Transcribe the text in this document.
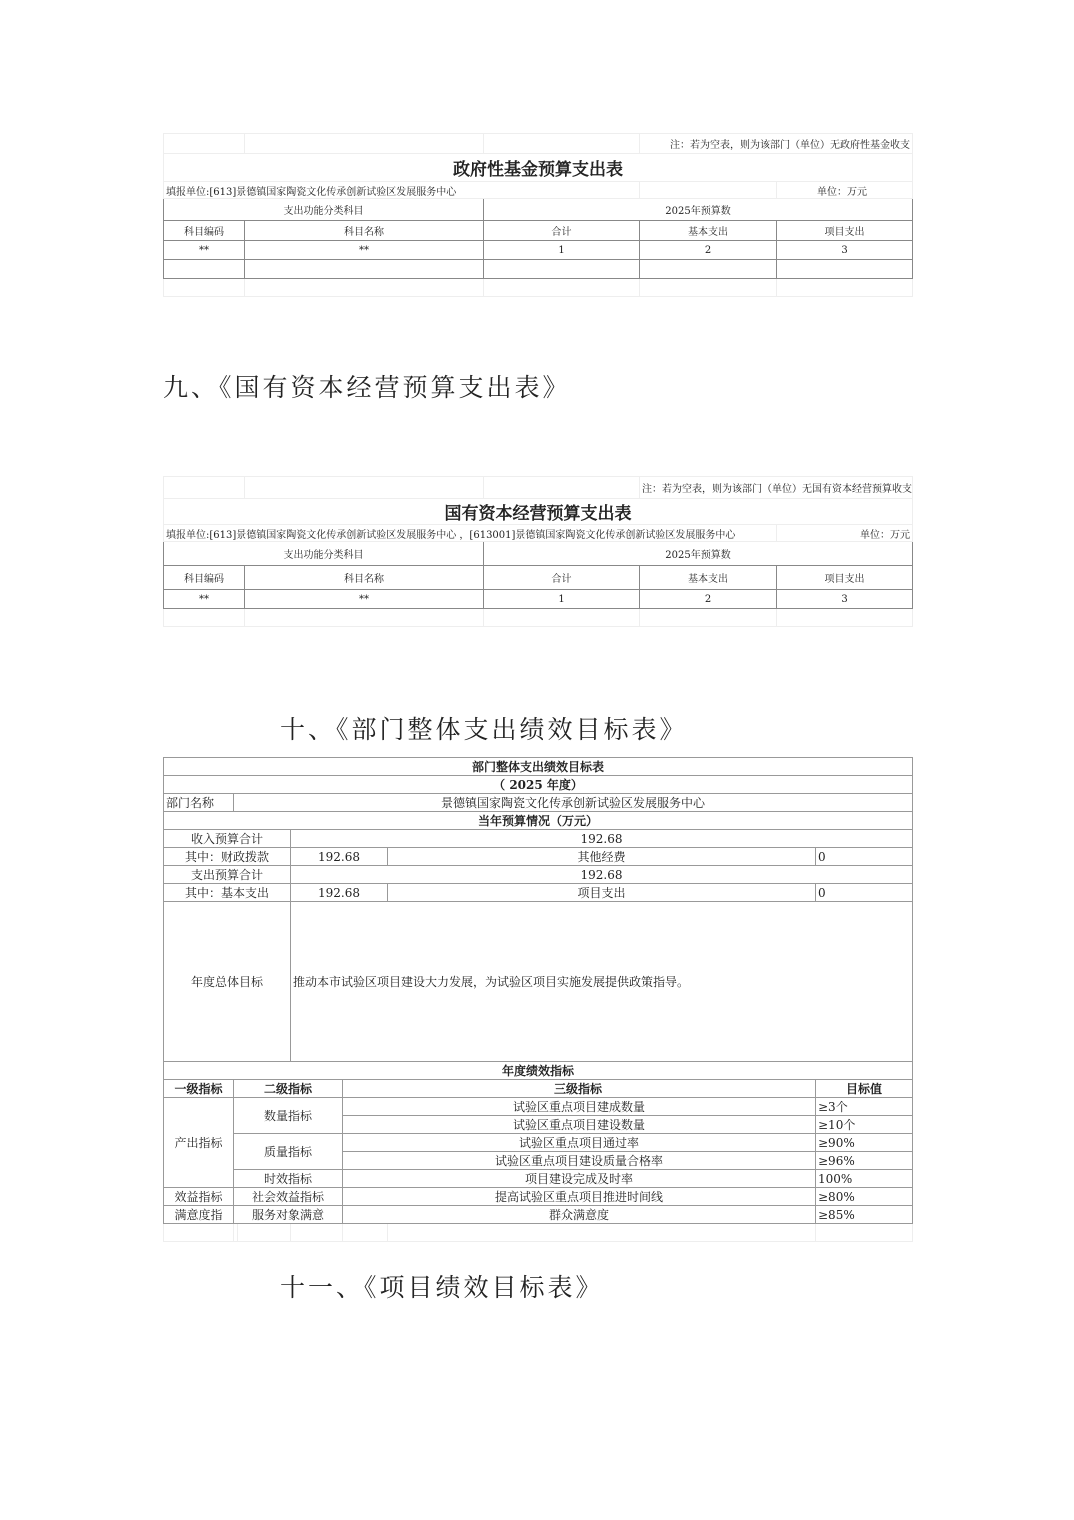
			注：若为空表，则为该部门（单位）无政府性基金收支	
政府性基金预算支出表				
填报单位:[613]景德镇国家陶瓷文化传承创新试验区发展服务中心				单位：万元
支出功能分类科目		2025年预算数		
科目编码	科目名称	合计	基本支出	项目支出
**	**	1	2	3

九、《国有资本经营预算支出表》
			注：若为空表，则为该部门（单位）无国有资本经营预算收支	
国有资本经营预算支出表				
填报单位:[613]景德镇国家陶瓷文化传承创新试验区发展服务中心 ，[613001]景德镇国家陶瓷文化传承创新试验区发展服务中心				单位：万元
支出功能分类科目		2025年预算数		
科目编码	科目名称	合计	基本支出	项目支出
**	**	1	2	3

十、《部门整体支出绩效目标表》
部门整体支出绩效目标表						
（ 2025 年度）						
部门名称	景德镇国家陶瓷文化传承创新试验区发展服务中心					
当年预算情况（万元）						
收入预算合计			192.68			
其中：财政拨款			192.68		其他经费	0
支出预算合计			192.68			
其中：基本支出			192.68		项目支出	0
年度总体目标			推动本市试验区项目建设大力发展，为试验区项目实施发展提供政策指导。			
年度绩效指标						
一级指标	二级指标			三级指标		目标值
产出指标	数量指标			试验区重点项目建成数量		≥3个
				试验区重点项目建设数量		≥10个
	质量指标			试验区重点项目通过率		≥90%
				试验区重点项目建设质量合格率		≥96%
	时效指标			项目建设完成及时率		100%
效益指标	社会效益指标			提高试验区重点项目推进时间线		≥80%
满意度指	服务对象满意			群众满意度		≥85%

十一、《项目绩效目标表》
